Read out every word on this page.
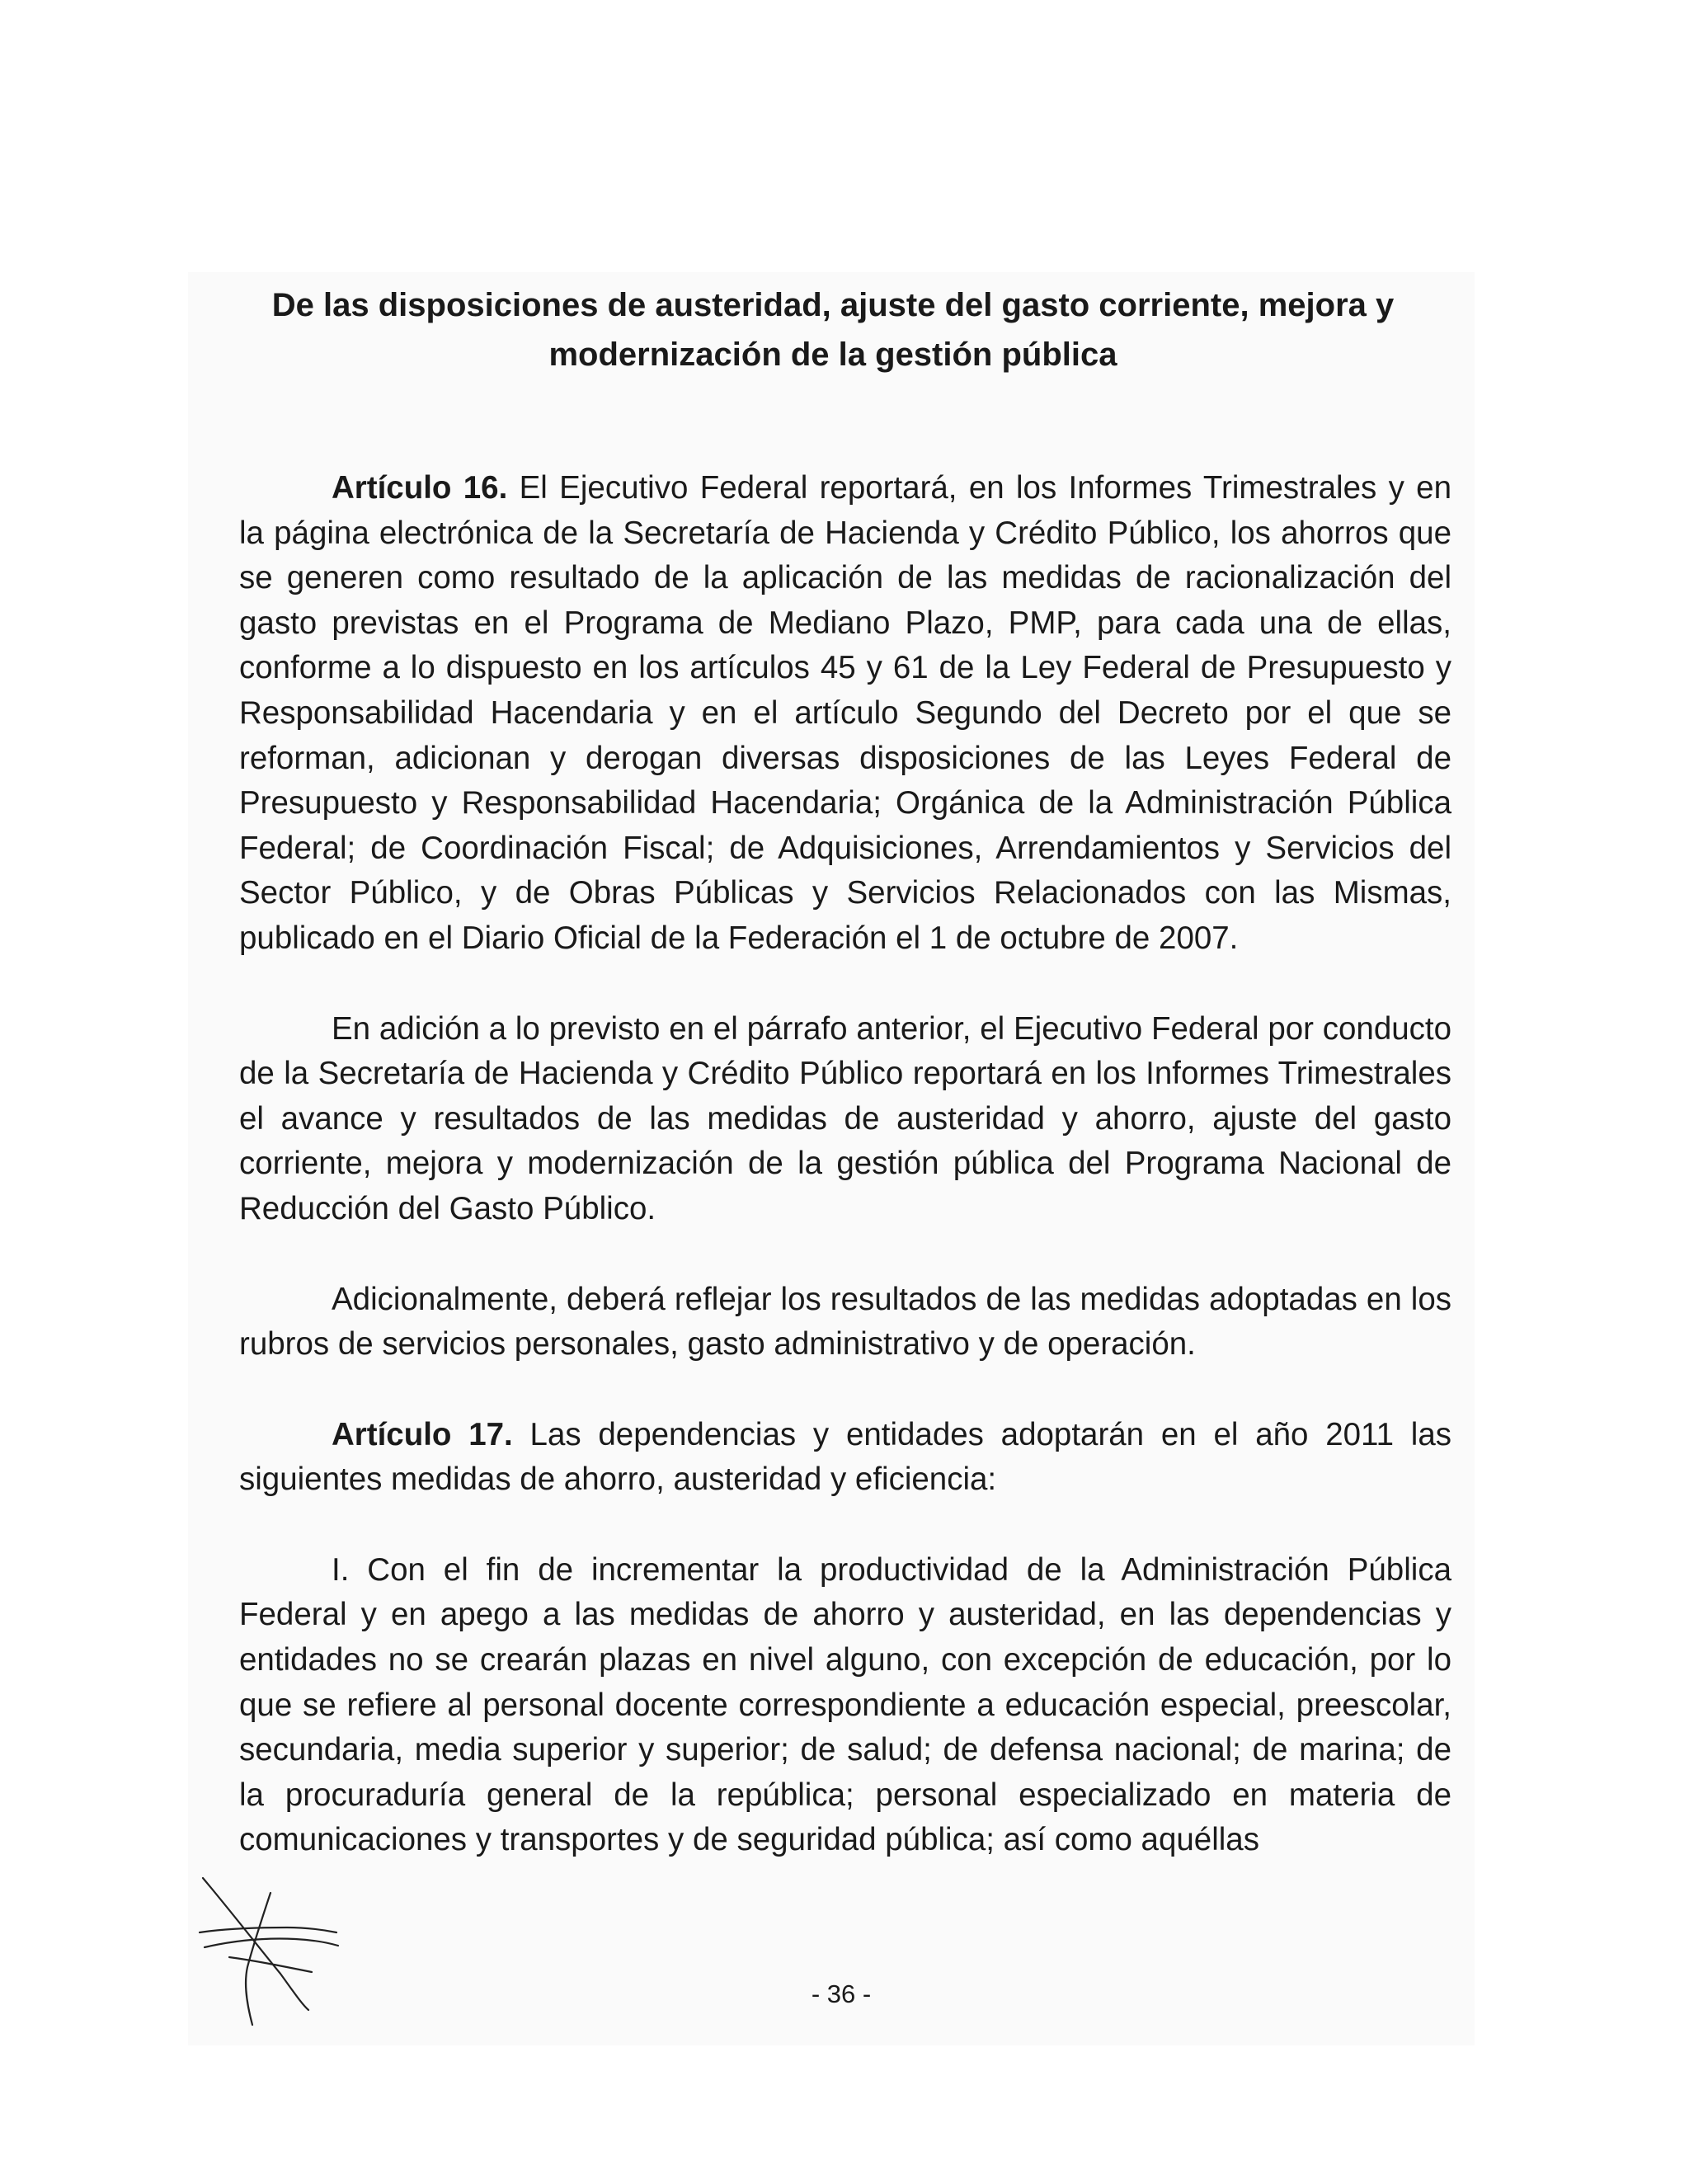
De las disposiciones de austeridad, ajuste del gasto corriente, mejora y modernización de la gestión pública

Artículo 16. El Ejecutivo Federal reportará, en los Informes Trimestrales y en la página electrónica de la Secretaría de Hacienda y Crédito Público, los ahorros que se generen como resultado de la aplicación de las medidas de racionalización del gasto previstas en el Programa de Mediano Plazo, PMP, para cada una de ellas, conforme a lo dispuesto en los artículos 45 y 61 de la Ley Federal de Presupuesto y Responsabilidad Hacendaria y en el artículo Segundo del Decreto por el que se reforman, adicionan y derogan diversas disposiciones de las Leyes Federal de Presupuesto y Responsabilidad Hacendaria; Orgánica de la Administración Pública Federal; de Coordinación Fiscal; de Adquisiciones, Arrendamientos y Servicios del Sector Público, y de Obras Públicas y Servicios Relacionados con las Mismas, publicado en el Diario Oficial de la Federación el 1 de octubre de 2007.

En adición a lo previsto en el párrafo anterior, el Ejecutivo Federal por conducto de la Secretaría de Hacienda y Crédito Público reportará en los Informes Trimestrales el avance y resultados de las medidas de austeridad y ahorro, ajuste del gasto corriente, mejora y modernización de la gestión pública del Programa Nacional de Reducción del Gasto Público.

Adicionalmente, deberá reflejar los resultados de las medidas adoptadas en los rubros de servicios personales, gasto administrativo y de operación.

Artículo 17. Las dependencias y entidades adoptarán en el año 2011 las siguientes medidas de ahorro, austeridad y eficiencia:

I. Con el fin de incrementar la productividad de la Administración Pública Federal y en apego a las medidas de ahorro y austeridad, en las dependencias y entidades no se crearán plazas en nivel alguno, con excepción de educación, por lo que se refiere al personal docente correspondiente a educación especial, preescolar, secundaria, media superior y superior; de salud; de defensa nacional; de marina; de la procuraduría general de la república; personal especializado en materia de comunicaciones y transportes y de seguridad pública; así como aquéllas

- 36 -
